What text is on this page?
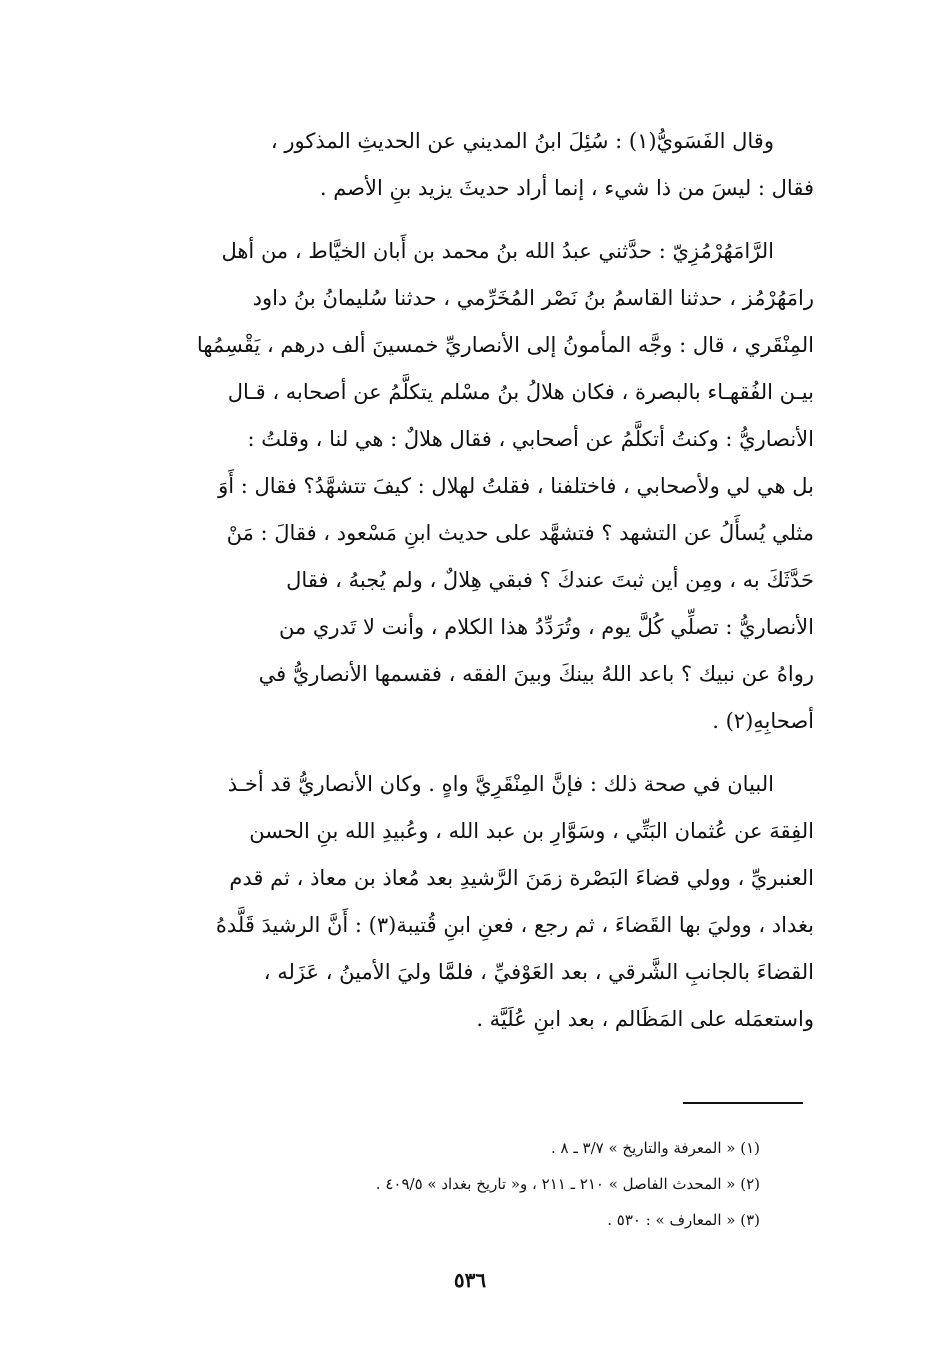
وقال الفَسَويُّ(١) : سُئِلَ ابنُ المديني عن الحديثِ المذكور ،
فقال : ليسَ من ذا شيء ، إنما أراد حديثَ يزيد بنِ الأصم .

الرَّامَهُرْمُزِيّ : حدَّثني عبدُ الله بنُ محمد بن أَبان الخيَّاط ، من أهل
رامَهُرْمُز ، حدثنا القاسمُ بنُ نَصْر المُخَرِّمي ، حدثنا سُليمانُ بنُ داود
المِنْقَري ، قال : وجَّه المأمونُ إلى الأنصاريِّ خمسينَ ألف درهم ، يَقْسِمُها
بيـن الفُقهـاء بالبصرة ، فكان هلالُ بنُ مسْلم يتكلَّمُ عن أصحابه ، قـال
الأنصاريُّ : وكنتُ أتكلَّمُ عن أصحابي ، فقال هلالٌ : هي لنا ، وقلتُ :
بل هي لي ولأصحابي ، فاختلفنا ، فقلتُ لهلال : كيفَ تتشهَّدُ؟ فقال : أَوَ
مثلي يُسأَلُ عن التشهد ؟ فتشهَّد على حديث ابنِ مَسْعود ، فقالَ : مَنْ
حَدَّثَكَ به ، ومِن أين ثبتَ عندكَ ؟ فبقي هِلالٌ ، ولم يُجبهُ ، فقال
الأنصاريُّ : تصلِّي كُلَّ يوم ، وتُرَدِّدُ هذا الكلام ، وأنت لا تَدري من
رواهُ عن نبيك ؟ باعد اللهُ بينكَ وبينَ الفقه ، فقسمها الأنصاريُّ في
أصحابِهِ(٢) .

البيان في صحة ذلك : فإنَّ المِنْقَرِيَّ واهٍ . وكان الأنصاريُّ قد أخـذ
الفِقهَ عن عُثمان البَتِّي ، وسَوَّارِ بن عبد الله ، وعُبيدِ الله بنِ الحسن
العنبريِّ ، وولي قضاءَ البَصْرة زمَنَ الرَّشيدِ بعد مُعاذ بن معاذ ، ثم قدم
بغداد ، ووليَ بها القَضاءَ ، ثم رجع ، فعنِ ابنِ قُتيبة(٣) : أَنَّ الرشيدَ قَلَّدهُ
القضاءَ بالجانبِ الشَّرقي ، بعد العَوْفيِّ ، فلمَّا وليَ الأمينُ ، عَزَله ،
واستعمَله على المَظَالم ، بعد ابنِ عُلَيَّة .

(١) « المعرفة والتاريخ » ٣/٧ ـ ٨ .
(٢) « المحدث الفاصل » ٢١٠ ـ ٢١١ ، و« تاريخ بغداد » ٤٠٩/٥ .
(٣) « المعارف » : ٥٣٠ .
٥٣٦
